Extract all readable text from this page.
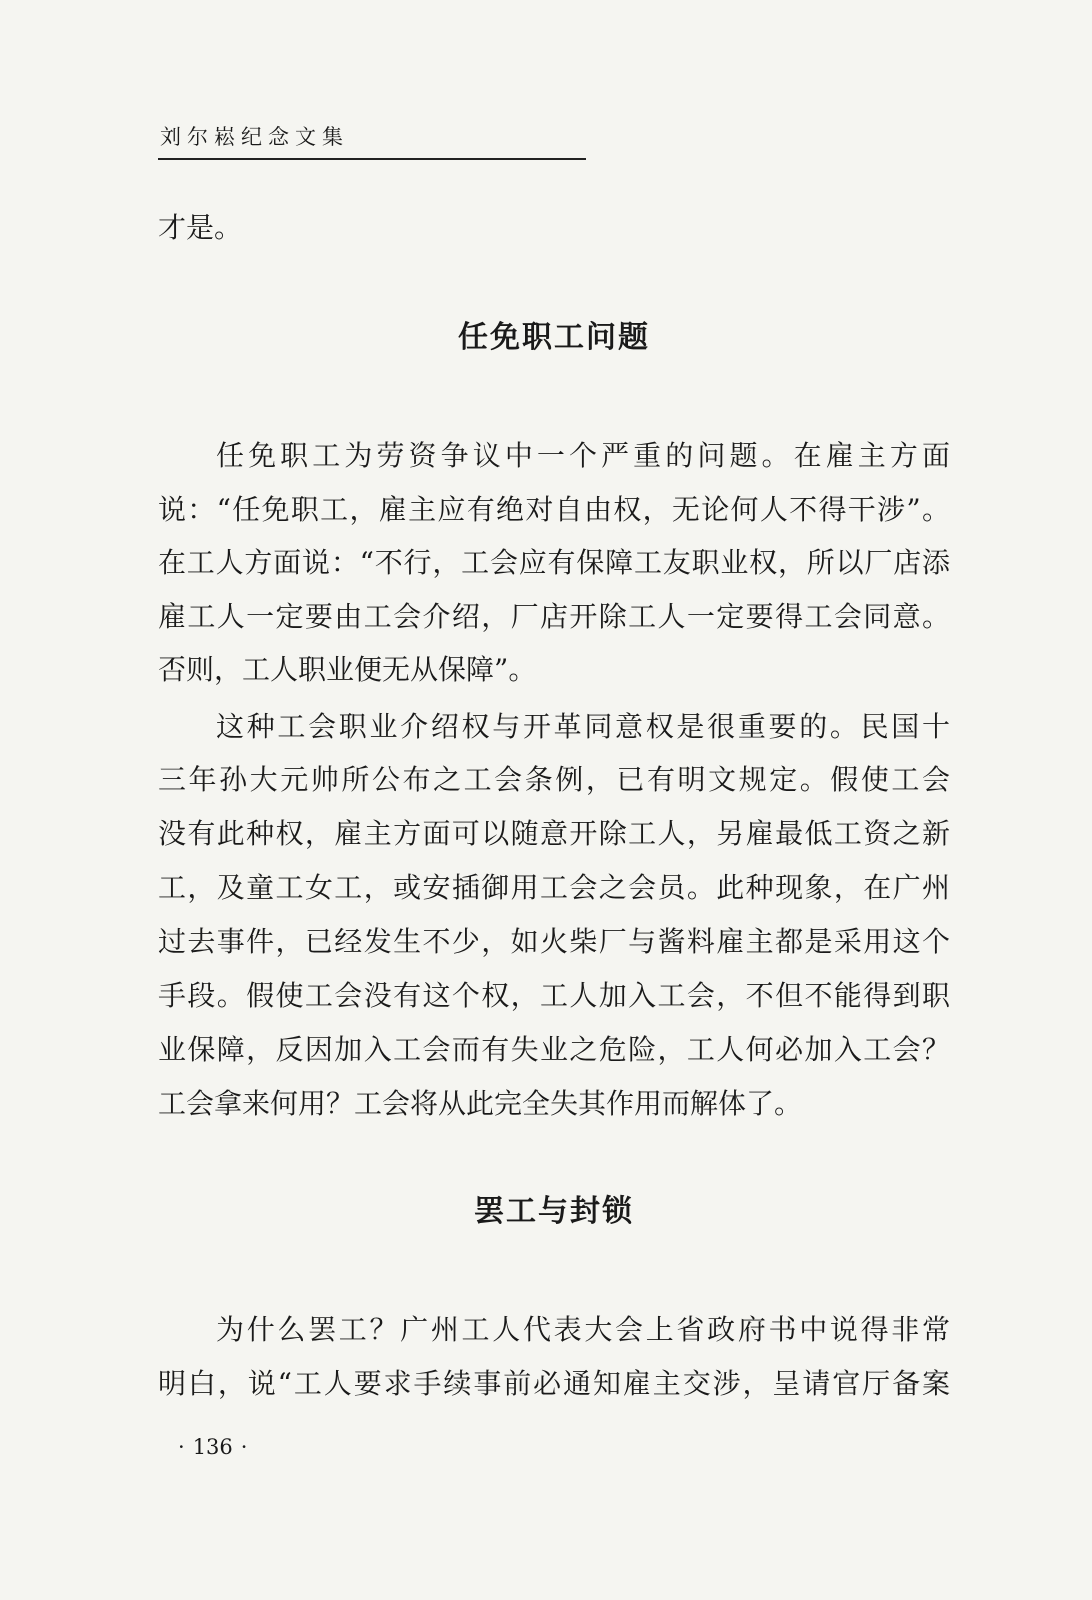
刘尔崧纪念文集
才是。
任免职工问题
任免职工为劳资争议中一个严重的问题。在雇主方面
说：“任免职工，雇主应有绝对自由权，无论何人不得干涉”。
在工人方面说：“不行，工会应有保障工友职业权，所以厂店添
雇工人一定要由工会介绍，厂店开除工人一定要得工会同意。
否则，工人职业便无从保障”。
这种工会职业介绍权与开革同意权是很重要的。民国十
三年孙大元帅所公布之工会条例，已有明文规定。假使工会
没有此种权，雇主方面可以随意开除工人，另雇最低工资之新
工，及童工女工，或安插御用工会之会员。此种现象，在广州
过去事件，已经发生不少，如火柴厂与酱料雇主都是采用这个
手段。假使工会没有这个权，工人加入工会，不但不能得到职
业保障，反因加入工会而有失业之危险，工人何必加入工会？
工会拿来何用？工会将从此完全失其作用而解体了。
罢工与封锁
为什么罢工？广州工人代表大会上省政府书中说得非常
明白，说“工人要求手续事前必通知雇主交涉，呈请官厅备案
· 136 ·
